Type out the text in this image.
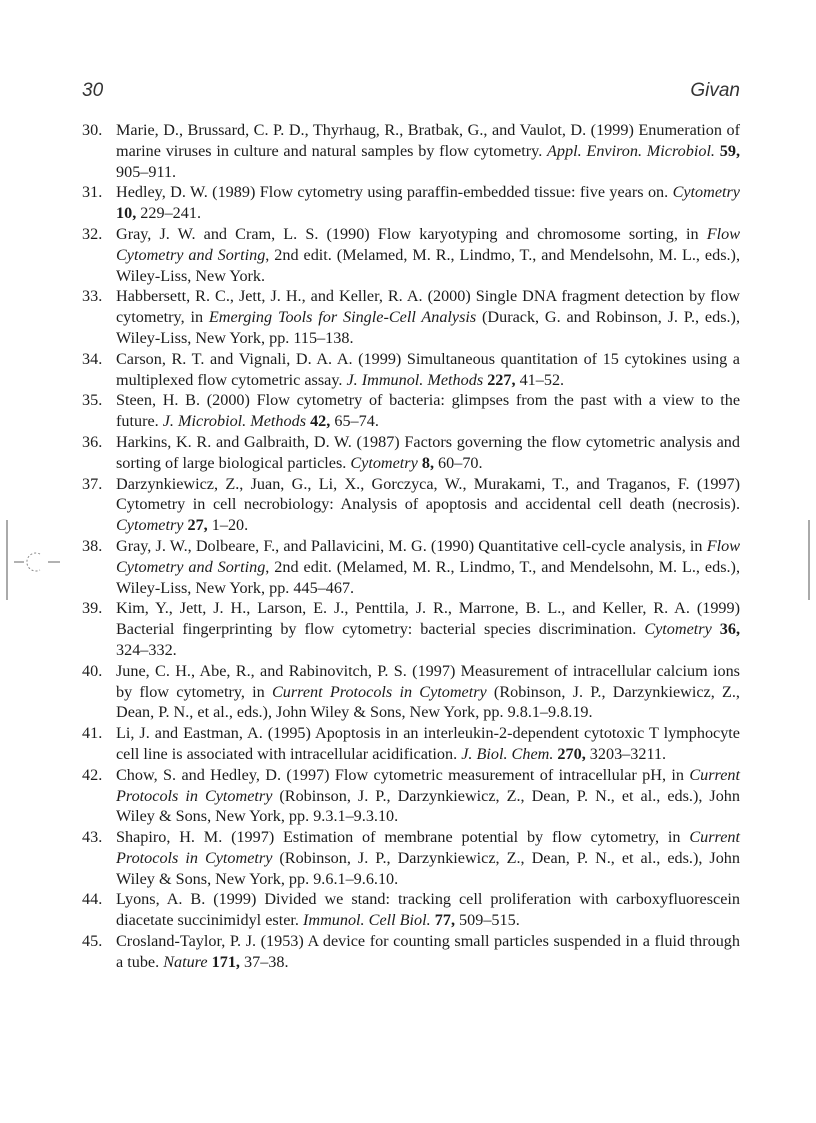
30	Givan
30. Marie, D., Brussard, C. P. D., Thyrhaug, R., Bratbak, G., and Vaulot, D. (1999) Enumeration of marine viruses in culture and natural samples by flow cytometry. Appl. Environ. Microbiol. 59, 905–911.
31. Hedley, D. W. (1989) Flow cytometry using paraffin-embedded tissue: five years on. Cytometry 10, 229–241.
32. Gray, J. W. and Cram, L. S. (1990) Flow karyotyping and chromosome sorting, in Flow Cytometry and Sorting, 2nd edit. (Melamed, M. R., Lindmo, T., and Mendelsohn, M. L., eds.), Wiley-Liss, New York.
33. Habbersett, R. C., Jett, J. H., and Keller, R. A. (2000) Single DNA fragment detection by flow cytometry, in Emerging Tools for Single-Cell Analysis (Durack, G. and Robinson, J. P., eds.), Wiley-Liss, New York, pp. 115–138.
34. Carson, R. T. and Vignali, D. A. A. (1999) Simultaneous quantitation of 15 cytokines using a multiplexed flow cytometric assay. J. Immunol. Methods 227, 41–52.
35. Steen, H. B. (2000) Flow cytometry of bacteria: glimpses from the past with a view to the future. J. Microbiol. Methods 42, 65–74.
36. Harkins, K. R. and Galbraith, D. W. (1987) Factors governing the flow cytometric analysis and sorting of large biological particles. Cytometry 8, 60–70.
37. Darzynkiewicz, Z., Juan, G., Li, X., Gorczyca, W., Murakami, T., and Traganos, F. (1997) Cytometry in cell necrobiology: Analysis of apoptosis and accidental cell death (necrosis). Cytometry 27, 1–20.
38. Gray, J. W., Dolbeare, F., and Pallavicini, M. G. (1990) Quantitative cell-cycle analysis, in Flow Cytometry and Sorting, 2nd edit. (Melamed, M. R., Lindmo, T., and Mendelsohn, M. L., eds.), Wiley-Liss, New York, pp. 445–467.
39. Kim, Y., Jett, J. H., Larson, E. J., Penttila, J. R., Marrone, B. L., and Keller, R. A. (1999) Bacterial fingerprinting by flow cytometry: bacterial species discrimination. Cytometry 36, 324–332.
40. June, C. H., Abe, R., and Rabinovitch, P. S. (1997) Measurement of intracellular calcium ions by flow cytometry, in Current Protocols in Cytometry (Robinson, J. P., Darzynkiewicz, Z., Dean, P. N., et al., eds.), John Wiley & Sons, New York, pp. 9.8.1–9.8.19.
41. Li, J. and Eastman, A. (1995) Apoptosis in an interleukin-2-dependent cytotoxic T lymphocyte cell line is associated with intracellular acidification. J. Biol. Chem. 270, 3203–3211.
42. Chow, S. and Hedley, D. (1997) Flow cytometric measurement of intracellular pH, in Current Protocols in Cytometry (Robinson, J. P., Darzynkiewicz, Z., Dean, P. N., et al., eds.), John Wiley & Sons, New York, pp. 9.3.1–9.3.10.
43. Shapiro, H. M. (1997) Estimation of membrane potential by flow cytometry, in Current Protocols in Cytometry (Robinson, J. P., Darzynkiewicz, Z., Dean, P. N., et al., eds.), John Wiley & Sons, New York, pp. 9.6.1–9.6.10.
44. Lyons, A. B. (1999) Divided we stand: tracking cell proliferation with carboxyfluorescein diacetate succinimidyl ester. Immunol. Cell Biol. 77, 509–515.
45. Crosland-Taylor, P. J. (1953) A device for counting small particles suspended in a fluid through a tube. Nature 171, 37–38.
